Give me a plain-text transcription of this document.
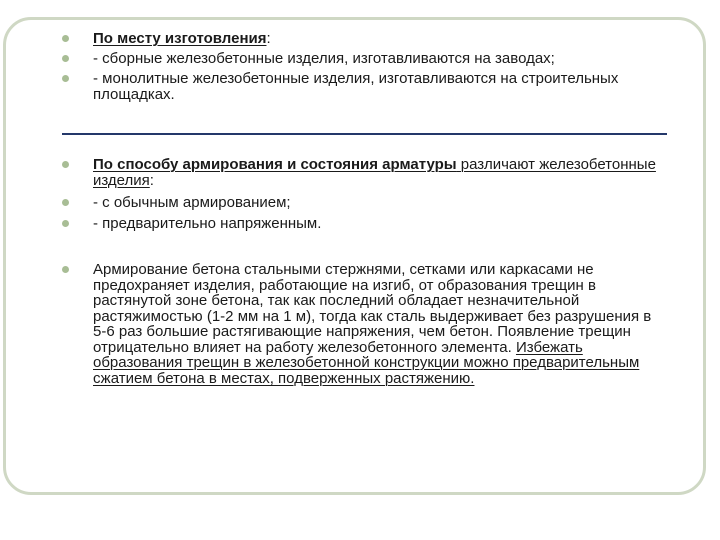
По месту изготовления:

- сборные железобетонные изделия, изготавливаются на заводах;

- монолитные железобетонные изделия, изготавливаются на строительных площадках.

По способу армирования и состояния арматуры различают железобетонные изделия:

- с обычным армированием;

- предварительно напряженным.

Армирование бетона стальными стержнями, сетками или каркасами не предохраняет изделия, работающие на изгиб, от образования трещин в растянутой зоне бетона, так как последний обладает незначительной растяжимостью (1-2 мм на 1 м), тогда как сталь выдерживает без разрушения в 5-6 раз большие растягивающие напряжения, чем бетон. Появление трещин отрицательно влияет на работу железобетонного элемента. Избежать образования трещин в железобетонной конструкции можно предварительным сжатием бетона в местах, подверженных растяжению.
